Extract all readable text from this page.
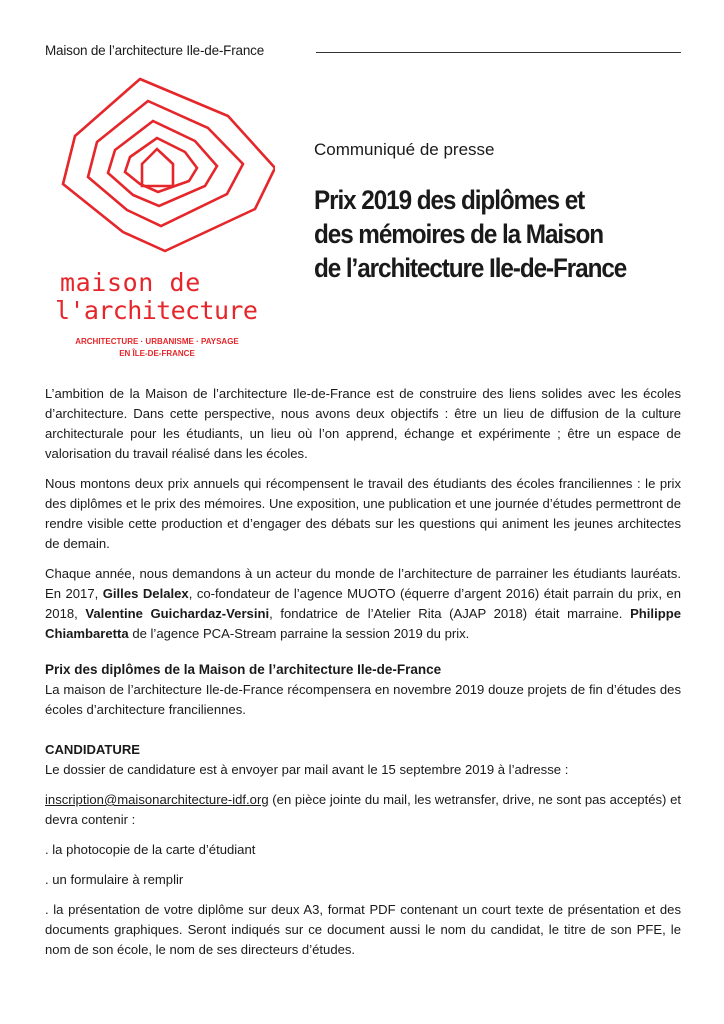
Maison de l’architecture Ile-de-France
maison de
l'architecture
ARCHITECTURE · URBANISME · PAYSAGE
EN ÎLE-DE-FRANCE
Communiqué de presse
Prix 2019 des diplômes et
des mémoires de la Maison
de l’architecture Ile-de-France

L’ambition de la Maison de l’architecture Ile-de-France est de construire des liens solides avec les écoles d’architecture. Dans cette perspective, nous avons deux objectifs : être un lieu de diffusion de la culture architecturale pour les étudiants, un lieu où l’on apprend, échange et expérimente ; être un espace de valorisation du travail réalisé dans les écoles.

Nous montons deux prix annuels qui récompensent le travail des étudiants des écoles franciliennes : le prix des diplômes et le prix des mémoires. Une exposition, une publication et une journée d’études permettront de rendre visible cette production et d’engager des débats sur les questions qui animent les jeunes architectes de demain.

Chaque année, nous demandons à un acteur du monde de l’architecture de parrainer les étudiants lauréats. En 2017, Gilles Delalex, co-fondateur de l’agence MUOTO (équerre d’argent 2016) était parrain du prix, en 2018, Valentine Guichardaz-Versini, fondatrice de l’Atelier Rita (AJAP 2018) était marraine. Philippe Chiambaretta de l’agence PCA-Stream parraine la session 2019 du prix.

Prix des diplômes de la Maison de l’architecture Ile-de-France

La maison de l’architecture Ile-de-France récompensera en novembre 2019 douze projets de fin d’études des écoles d’architecture franciliennes.

CANDIDATURE

Le dossier de candidature est à envoyer par mail avant le 15 septembre 2019 à l’adresse :

inscription@maisonarchitecture-idf.org (en pièce jointe du mail, les wetransfer, drive, ne sont pas acceptés) et devra contenir :

. la photocopie de la carte d’étudiant

. un formulaire à remplir

. la présentation de votre diplôme sur deux A3, format PDF contenant un court texte de présentation et des documents graphiques. Seront indiqués sur ce document aussi le nom du candidat, le titre de son PFE, le nom de son école, le nom de ses directeurs d’études.
